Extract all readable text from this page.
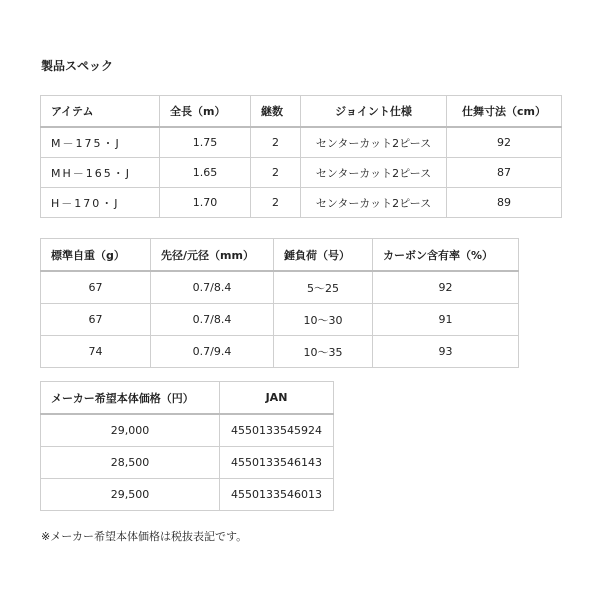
製品スペック
アイテム	全長（m）	継数	ジョイント仕様	仕舞寸法（cm）
M－175・J	1.75	2	センターカット2ピース	92
MH－165・J	1.65	2	センターカット2ピース	87
H－170・J	1.70	2	センターカット2ピース	89
標準自重（g）	先径/元径（mm）	錘負荷（号）	カーボン含有率（%）
67	0.7/8.4	5～25	92
67	0.7/8.4	10～30	91
74	0.7/9.4	10～35	93
メーカー希望本体価格（円）	JAN
29,000	4550133545924
28,500	4550133546143
29,500	4550133546013
※メーカー希望本体価格は税抜表記です。
